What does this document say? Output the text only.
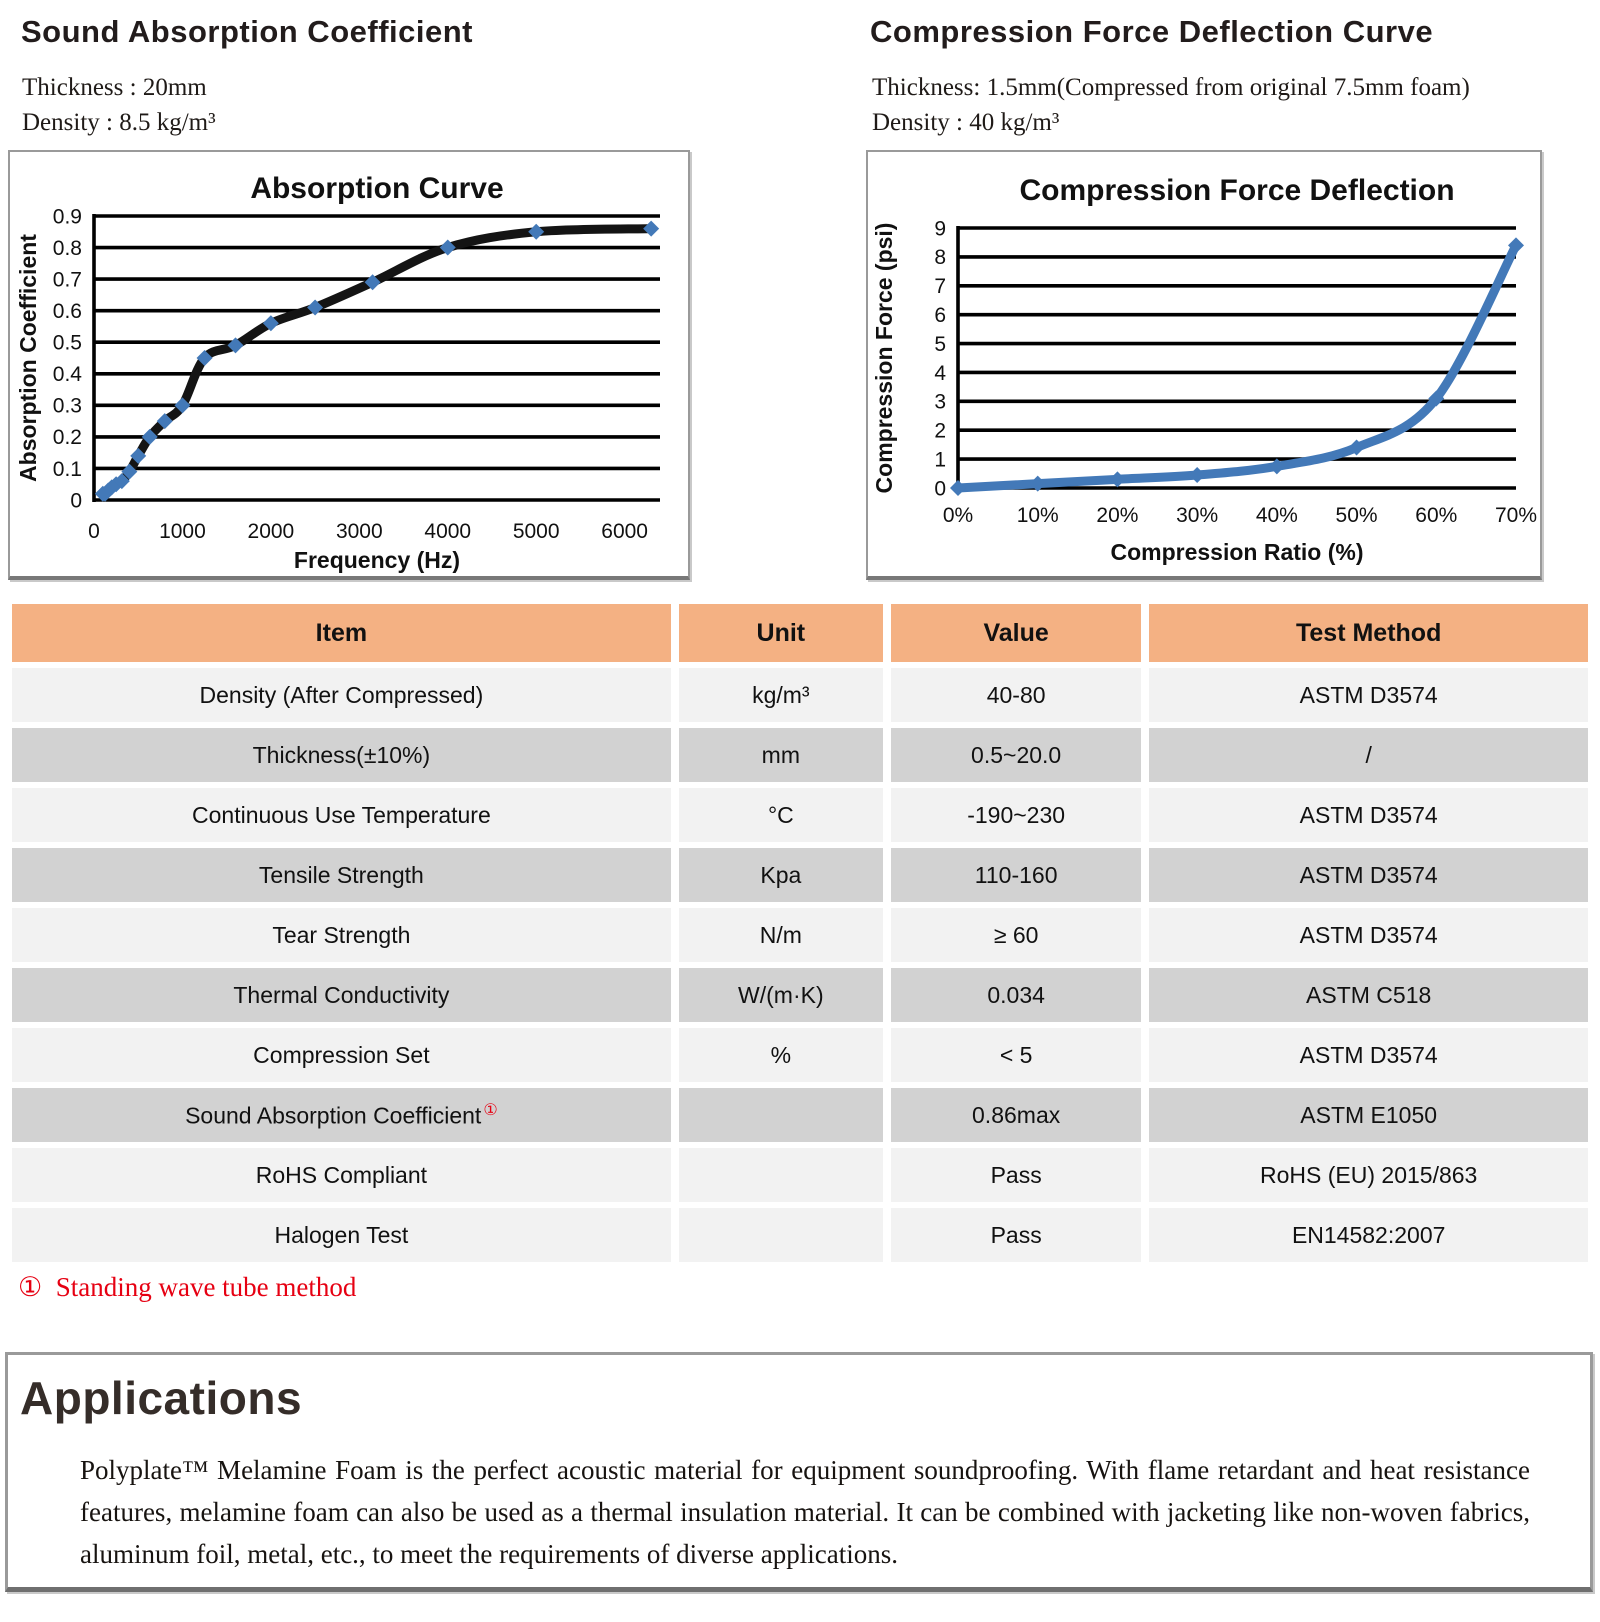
Sound Absorption Coefficient
Thickness : 20mm
Density : 8.5 kg/m³
Compression Force Deflection Curve
Thickness: 1.5mm(Compressed from original 7.5mm foam)
Density : 40 kg/m³
0
0.1
0.2
0.3
0.4
0.5
0.6
0.7
0.8
0.9
0	1000 2000 3000 4000 5000 6000
Absorption Curve
Frequency (Hz)
Absorption Coefficient
0
1
2
3
4
5
6
7
8
9
0% 10% 20% 30% 40% 50% 60% 70%
Compression Force Deflection
Compression Ratio (%)
Compression Force (psi)
Item	Unit	Value	Test Method
Density (After Compressed)	kg/m³	40-80	ASTM D3574
Thickness(±10%)	mm	0.5~20.0	/
Continuous Use Temperature	°C	-190~230	ASTM D3574
Tensile Strength	Kpa	110-160	ASTM D3574
Tear Strength	N/m	≥ 60	ASTM D3574
Thermal Conductivity	W/(m·K)	0.034	ASTM C518
Compression Set	%	< 5	ASTM D3574
Sound Absorption Coefficient ①		0.86max	ASTM E1050
RoHS Compliant		Pass	RoHS (EU) 2015/863
Halogen Test		Pass	EN14582:2007
①  Standing wave tube method
Applications

Polyplate™ Melamine Foam is the perfect acoustic material for equipment soundproofing. With flame retardant and heat resistance features, melamine foam can also be used as a thermal insulation material. It can be combined with jacketing like non-woven fabrics, aluminum foil, metal, etc., to meet the requirements of diverse applications.
